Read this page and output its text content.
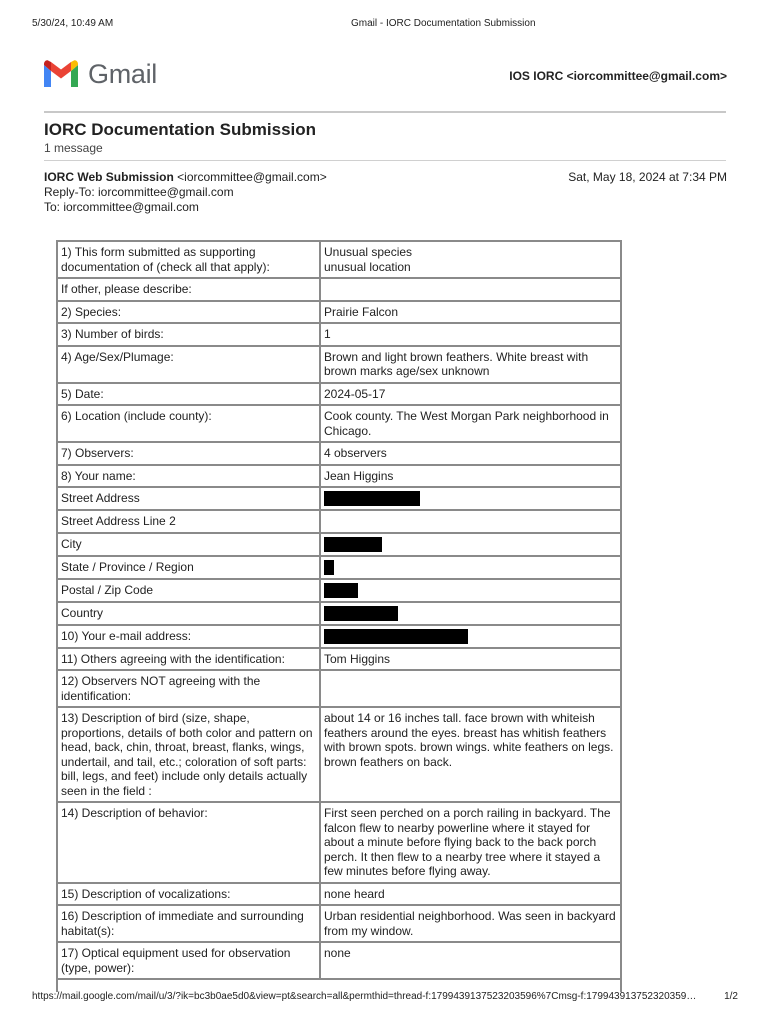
5/30/24, 10:49 AM	Gmail - IORC Documentation Submission
Gmail	IOS IORC <iorcommittee@gmail.com>
IORC Documentation Submission
1 message
IORC Web Submission <iorcommittee@gmail.com>
Reply-To: iorcommittee@gmail.com
To: iorcommittee@gmail.com
Sat, May 18, 2024 at 7:34 PM
1) This form submitted as supporting documentation of (check all that apply):	Unusual species
unusual location
If other, please describe:	
2) Species:	Prairie Falcon
3) Number of birds:	1
4) Age/Sex/Plumage:	Brown and light brown feathers. White breast with brown marks age/sex unknown
5) Date:	2024-05-17
6) Location (include county):	Cook county. The West Morgan Park neighborhood in Chicago.
7) Observers:	4 observers
8) Your name:	Jean Higgins
Street Address	
Street Address Line 2	
City	
State / Province / Region	
Postal / Zip Code	
Country	
10) Your e-mail address:	
11) Others agreeing with the identification:	Tom Higgins
12) Observers NOT agreeing with the identification:	
13) Description of bird (size, shape, proportions, details of both color and pattern on head, back, chin, throat, breast, flanks, wings, undertail, and tail, etc.; coloration of soft parts: bill, legs, and feet) include only details actually seen in the field :	about 14 or 16 inches tall. face brown with whiteish feathers around the eyes. breast has whitish feathers with brown spots. brown wings. white feathers on legs. brown feathers on back.
14) Description of behavior:	First seen perched on a porch railing in backyard. The falcon flew to nearby powerline where it stayed for about a minute before flying back to the back porch perch. It then flew to a nearby tree where it stayed a few minutes before flying away.
15) Description of vocalizations:	none heard
16) Description of immediate and surrounding habitat(s):	Urban residential neighborhood. Was seen in backyard from my window.
17) Optical equipment used for observation (type, power):	none
https://mail.google.com/mail/u/3/?ik=bc3b0ae5d0&view=pt&search=all&permthid=thread-f:1799439137523203596%7Cmsg-f:179943913752320359…	1/2
